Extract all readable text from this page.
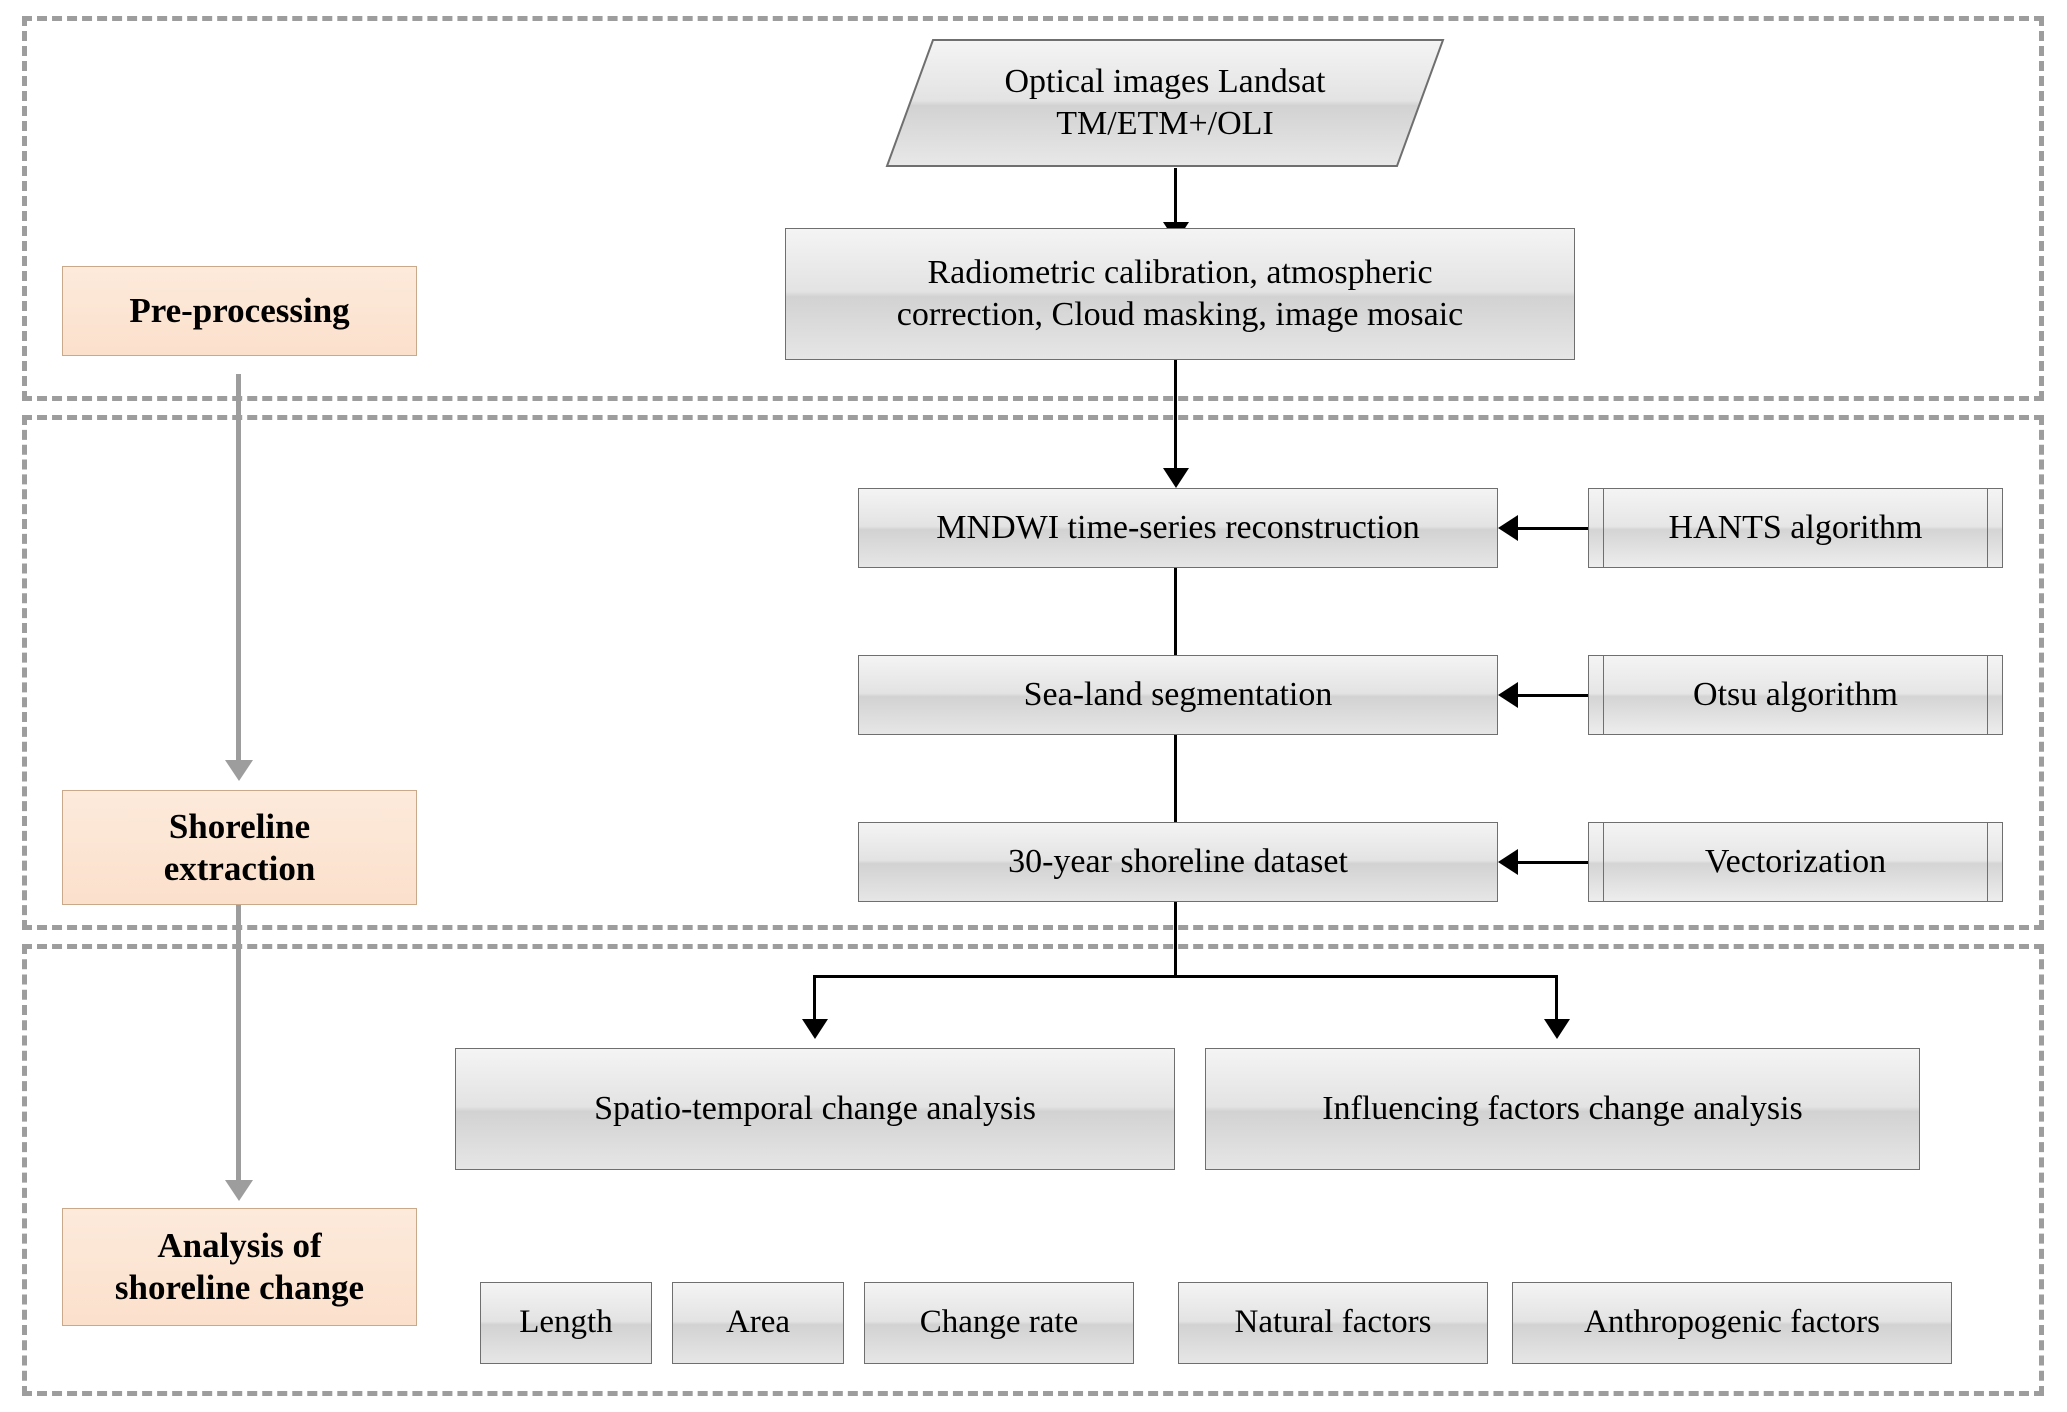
Pre-processing
Shoreline
extraction
Analysis of
shoreline change
Optical images Landsat
TM/ETM+/OLI
Radiometric calibration, atmospheric
correction, Cloud masking, image mosaic
MNDWI time-series reconstruction	HANTS algorithm
Sea-land segmentation	Otsu algorithm
30-year shoreline dataset	Vectorization
Spatio-temporal change analysis	Influencing factors change analysis
Length	Area	Change rate	Natural factors	Anthropogenic factors
